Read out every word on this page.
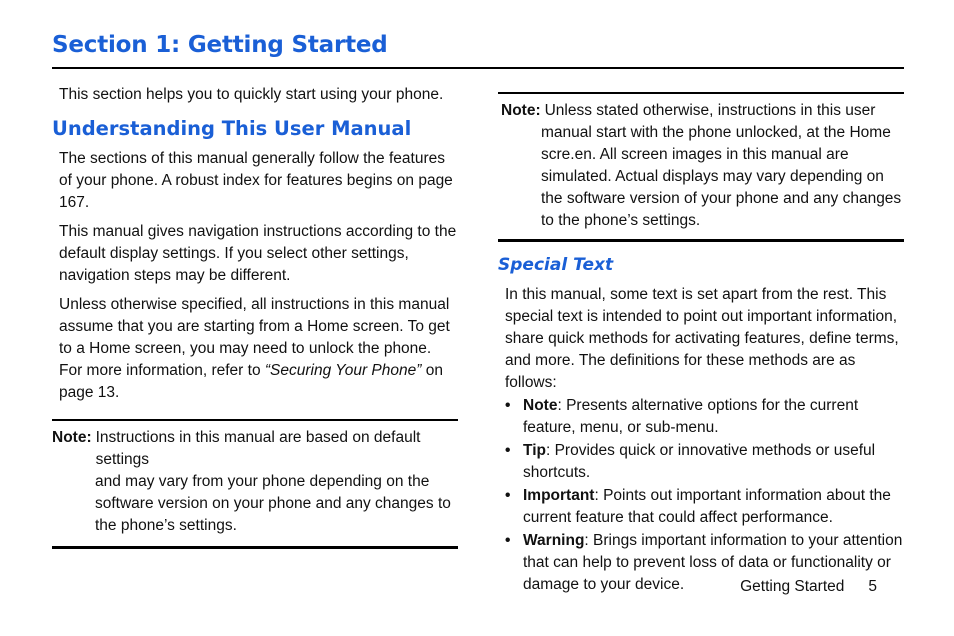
Section 1: Getting Started

This section helps you to quickly start using your phone.

Understanding This User Manual

The sections of this manual generally follow the features of your phone. A robust index for features begins on page 167.

This manual gives navigation instructions according to the default display settings. If you select other settings, navigation steps may be different.

Unless otherwise specified, all instructions in this manual assume that you are starting from a Home screen. To get to a Home screen, you may need to unlock the phone. For more information, refer to “Securing Your Phone” on page 13.

Note: Instructions in this manual are based on default settings
and may vary from your phone depending on the software version on your phone and any changes to the phone’s settings.
Note: Unless stated otherwise, instructions in this user
manual start with the phone unlocked, at the Home scre.en. All screen images in this manual are simulated. Actual displays may vary depending on the software version of your phone and any changes to the phone’s settings.
Special Text

In this manual, some text is set apart from the rest. This special text is intended to point out important information, share quick methods for activating features, define terms, and more. The definitions for these methods are as follows:

• Note: Presents alternative options for the current feature, menu, or sub-menu.
• Tip: Provides quick or innovative methods or useful shortcuts.
• Important: Points out important information about the current feature that could affect performance.
• Warning: Brings important information to your attention that can help to prevent loss of data or functionality or damage to your device.	Getting Started 5
